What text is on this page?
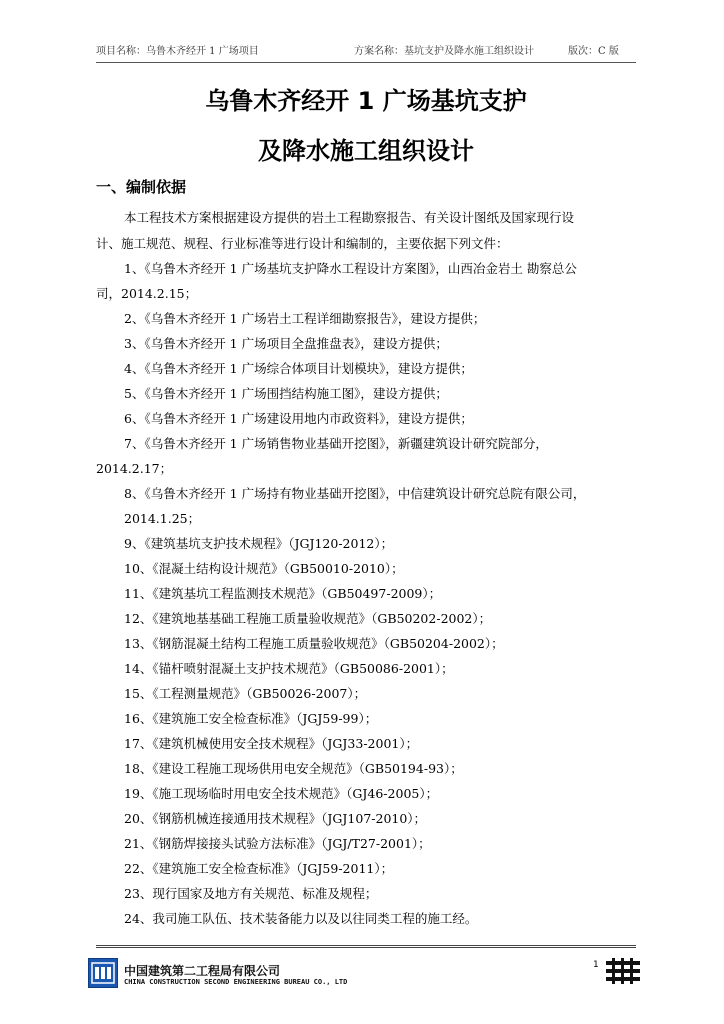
项目名称：乌鲁木齐经开 1 广场项目	方案名称：基坑支护及降水施工组织设计	版次：C 版
乌鲁木齐经开 1 广场基坑支护
及降水施工组织设计
一、编制依据
本工程技术方案根据建设方提供的岩土工程勘察报告、有关设计图纸及国家现行设
计、施工规范、规程、行业标准等进行设计和编制的，主要依据下列文件：
1、《乌鲁木齐经开 1 广场基坑支护降水工程设计方案图》，山西冶金岩土 勘察总公
司，2014.2.15；
2、《乌鲁木齐经开 1 广场岩土工程详细勘察报告》，建设方提供；
3、《乌鲁木齐经开 1 广场项目全盘推盘表》，建设方提供；
4、《乌鲁木齐经开 1 广场综合体项目计划模块》，建设方提供；
5、《乌鲁木齐经开 1 广场围挡结构施工图》，建设方提供；
6、《乌鲁木齐经开 1 广场建设用地内市政资料》，建设方提供；
7、《乌鲁木齐经开 1 广场销售物业基础开挖图》，新疆建筑设计研究院部分，
2014.2.17；
8、《乌鲁木齐经开 1 广场持有物业基础开挖图》，中信建筑设计研究总院有限公司，
2014.1.25；
9、《建筑基坑支护技术规程》（JGJ120-2012）；
10、《混凝土结构设计规范》（GB50010-2010）；
11、《建筑基坑工程监测技术规范》（GB50497-2009）；
12、《建筑地基基础工程施工质量验收规范》（GB50202-2002）；
13、《钢筋混凝土结构工程施工质量验收规范》（GB50204-2002）；
14、《锚杆喷射混凝土支护技术规范》（GB50086-2001）；
15、《工程测量规范》（GB50026-2007）；
16、《建筑施工安全检查标准》（JGJ59-99）；
17、《建筑机械使用安全技术规程》（JGJ33-2001）；
18、《建设工程施工现场供用电安全规范》（GB50194-93）；
19、《施工现场临时用电安全技术规范》（GJ46-2005）；
20、《钢筋机械连接通用技术规程》（JGJ107-2010）；
21、《钢筋焊接接头试验方法标准》（JGJ/T27-2001）；
22、《建筑施工安全检查标准》（JGJ59-2011）；
23、现行国家及地方有关规范、标准及规程；
24、我司施工队伍、技术装备能力以及以往同类工程的施工经。
中国建筑第二工程局有限公司
CHINA CONSTRUCTION SECOND ENGINEERING BUREAU CO., LTD
1
